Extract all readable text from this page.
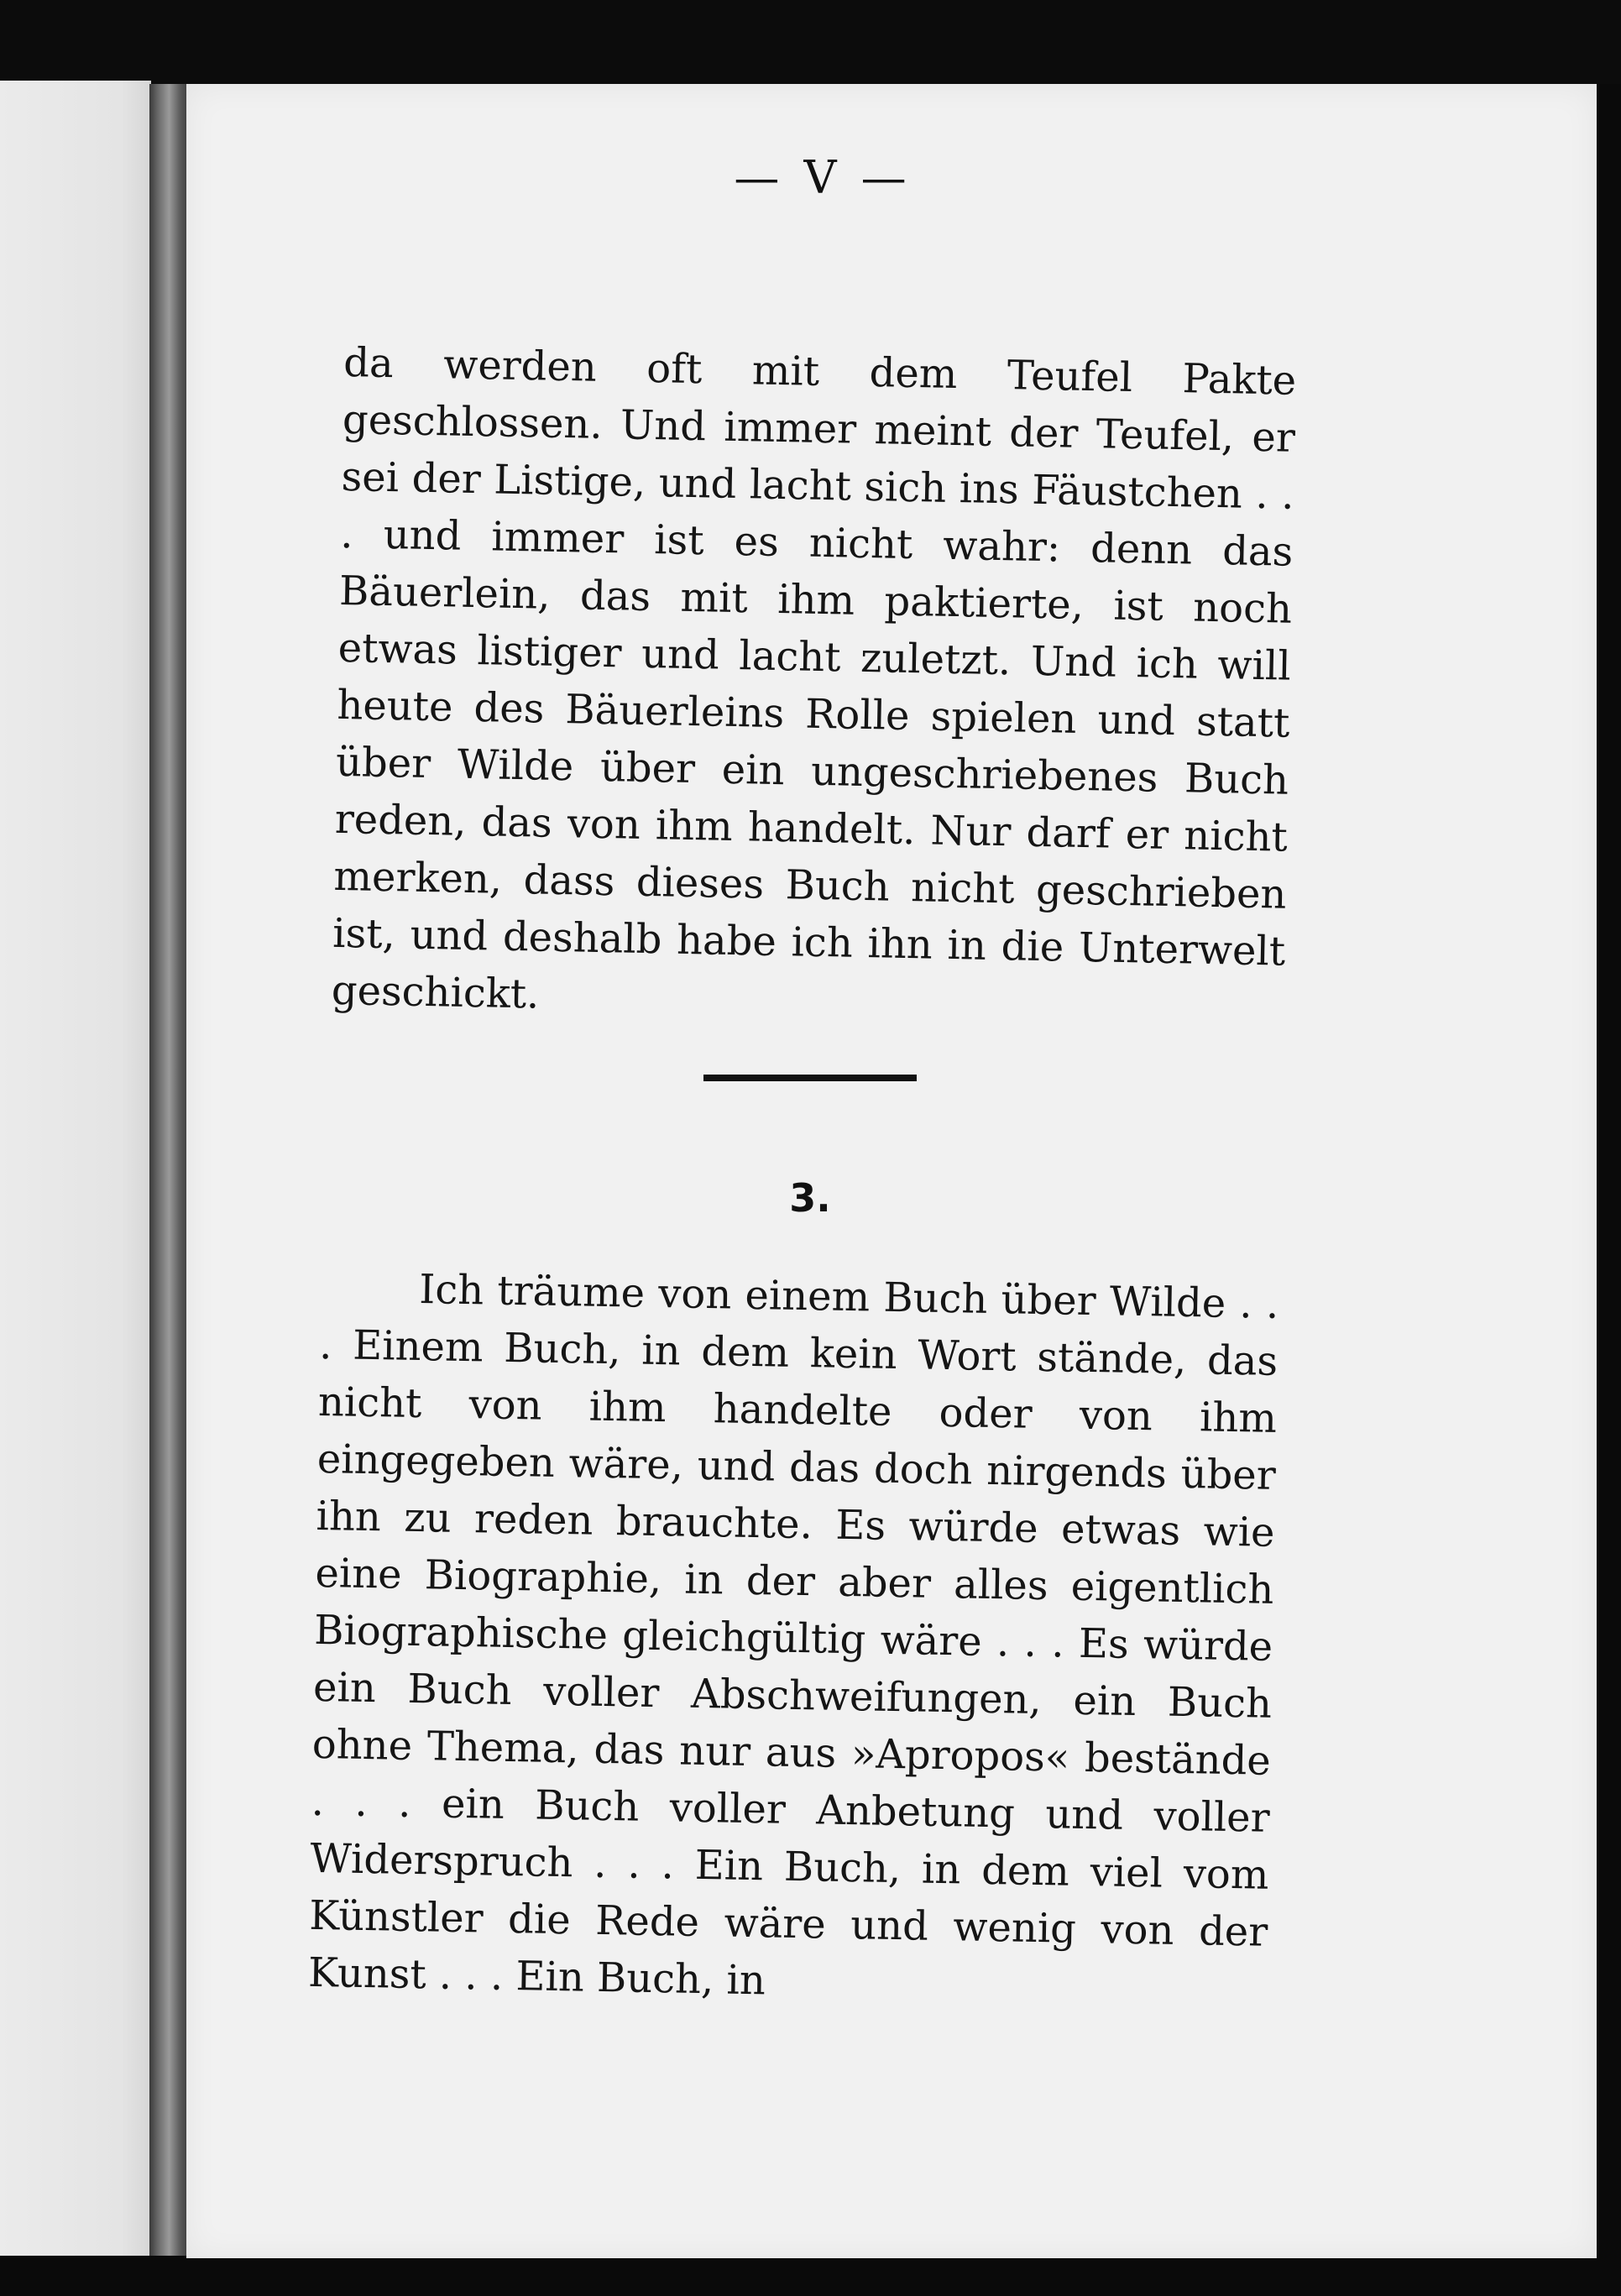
— V —

da werden oft mit dem Teufel Pakte geschlossen. Und immer meint der Teufel, er sei der Listige, und lacht sich ins Fäustchen . . . und immer ist es nicht wahr: denn das Bäuerlein, das mit ihm paktierte, ist noch etwas listiger und lacht zuletzt. Und ich will heute des Bäuerleins Rolle spielen und statt über Wilde über ein ungeschriebenes Buch reden, das von ihm handelt. Nur darf er nicht merken, dass dieses Buch nicht geschrieben ist, und deshalb habe ich ihn in die Unterwelt geschickt.

3.

Ich träume von einem Buch über Wilde . . . Einem Buch, in dem kein Wort stände, das nicht von ihm handelte oder von ihm eingegeben wäre, und das doch nirgends über ihn zu reden brauchte. Es würde etwas wie eine Biographie, in der aber alles eigentlich Biographische gleichgültig wäre . . . Es würde ein Buch voller Abschweifungen, ein Buch ohne Thema, das nur aus »Apropos« bestände . . . ein Buch voller Anbetung und voller Widerspruch . . . Ein Buch, in dem viel vom Künstler die Rede wäre und wenig von der Kunst . . . Ein Buch, in
